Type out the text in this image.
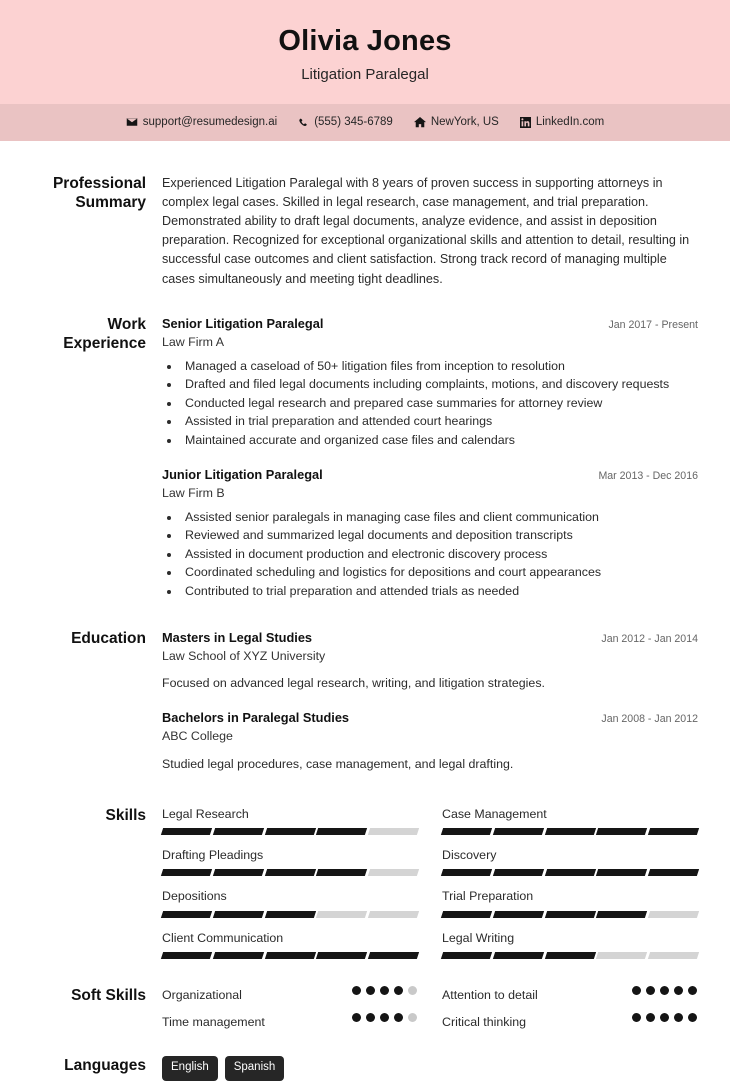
Olivia Jones
Litigation Paralegal
support@resumedesign.ai	(555) 345-6789	NewYork, US	LinkedIn.com
Professional Summary
Experienced Litigation Paralegal with 8 years of proven success in supporting attorneys in complex legal cases. Skilled in legal research, case management, and trial preparation. Demonstrated ability to draft legal documents, analyze evidence, and assist in deposition preparation. Recognized for exceptional organizational skills and attention to detail, resulting in successful case outcomes and client satisfaction. Strong track record of managing multiple cases simultaneously and meeting tight deadlines.
Work Experience
Senior Litigation Paralegal	Jan 2017 - Present
Law Firm A
• Managed a caseload of 50+ litigation files from inception to resolution
• Drafted and filed legal documents including complaints, motions, and discovery requests
• Conducted legal research and prepared case summaries for attorney review
• Assisted in trial preparation and attended court hearings
• Maintained accurate and organized case files and calendars
Junior Litigation Paralegal	Mar 2013 - Dec 2016
Law Firm B
• Assisted senior paralegals in managing case files and client communication
• Reviewed and summarized legal documents and deposition transcripts
• Assisted in document production and electronic discovery process
• Coordinated scheduling and logistics for depositions and court appearances
• Contributed to trial preparation and attended trials as needed
Education	Masters in Legal Studies	Jan 2012 - Jan 2014
Law School of XYZ University
Focused on advanced legal research, writing, and litigation strategies.
Bachelors in Paralegal Studies	Jan 2008 - Jan 2012
ABC College
Studied legal procedures, case management, and legal drafting.
Skills	Legal Research	Case Management
Drafting Pleadings	Discovery
Depositions	Trial Preparation
Client Communication	Legal Writing
Soft Skills	Organizational	Attention to detail
Time management	Critical thinking
Languages	English	Spanish
